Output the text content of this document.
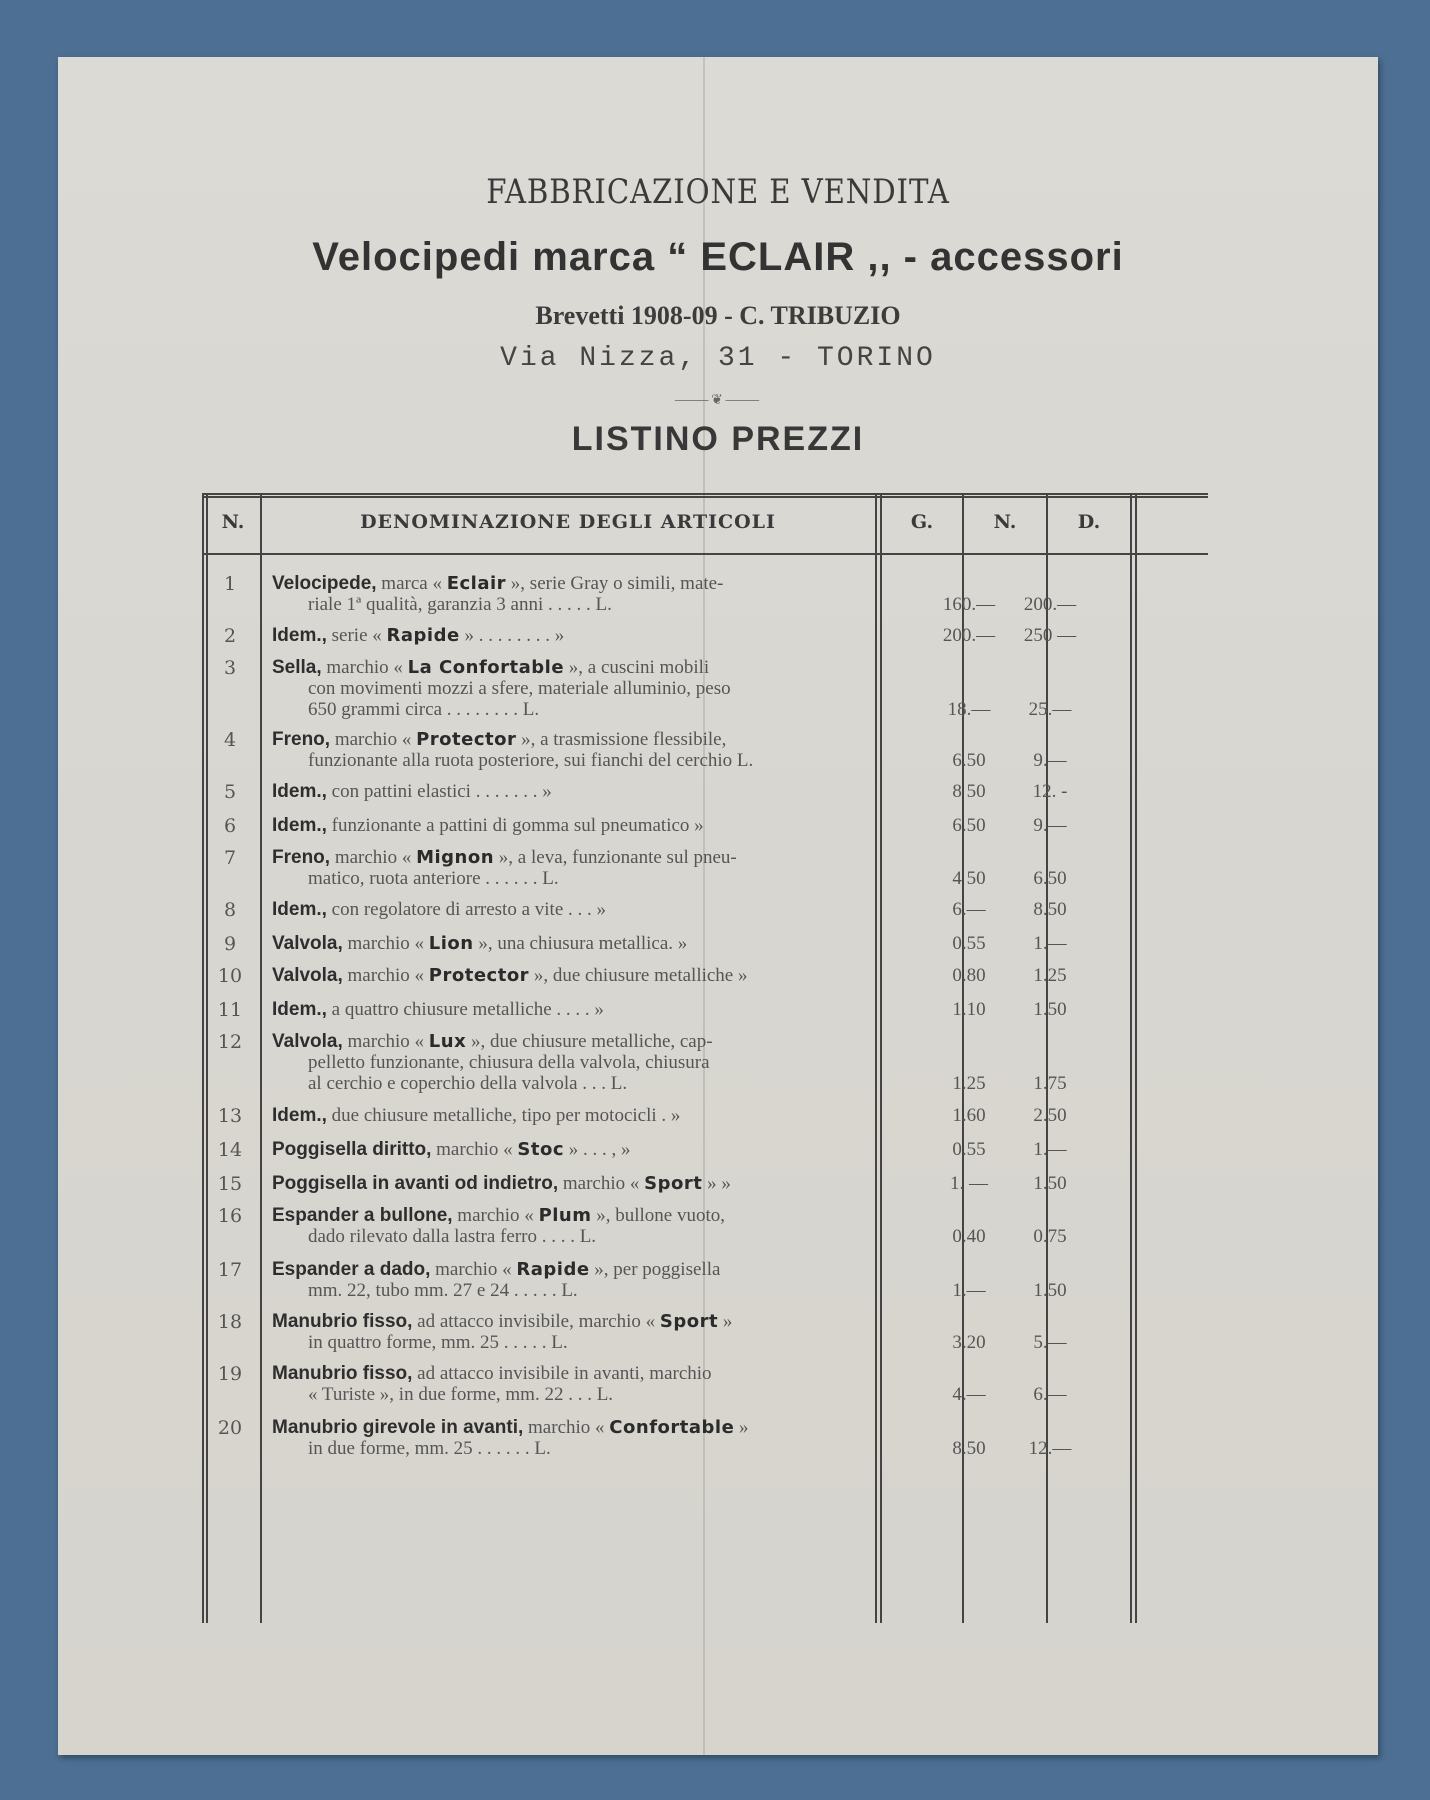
FABBRICAZIONE E VENDITA
Velocipedi marca “ ECLAIR ,, - accessori
Brevetti 1908-09 - C. TRIBUZIO
Via Nizza, 31 - TORINO
⸻❦⸻
LISTINO PREZZI
N.	DENOMINAZIONE DEGLI ARTICOLI	G.	N.	D.
1	Velocipede, marca « Eclair », serie Gray o simili, mate-
riale 1ª qualità, garanzia 3 anni . . . . . L.	160.—	200.—
2	Idem., serie « Rapide » . . . . . . . . »	200.—	250 —
3	Sella, marchio « La Confortable », a cuscini mobili
con movimenti mozzi a sfere, materiale alluminio, peso
650 grammi circa . . . . . . . . L.	18.—	25.—
4	Freno, marchio « Protector », a trasmissione flessibile,
funzionante alla ruota posteriore, sui fianchi del cerchio L.	6.50	9.—
5	Idem., con pattini elastici . . . . . . . »	8 50	12. -
6	Idem., funzionante a pattini di gomma sul pneumatico »	6.50	9.—
7	Freno, marchio « Mignon », a leva, funzionante sul pneu-
matico, ruota anteriore . . . . . . L.	4 50	6.50
8	Idem., con regolatore di arresto a vite . . . »	6.—	8.50
9	Valvola, marchio « Lion », una chiusura metallica. »	0.55	1.—
10	Valvola, marchio « Protector », due chiusure metalliche »	0.80	1.25
11	Idem., a quattro chiusure metalliche . . . . »	1.10	1.50
12	Valvola, marchio « Lux », due chiusure metalliche, cap-
pelletto funzionante, chiusura della valvola, chiusura
al cerchio e coperchio della valvola . . . L.	1.25	1.75
13	Idem., due chiusure metalliche, tipo per motocicli . »	1.60	2.50
14	Poggisella diritto, marchio « Stoc » . . . , »	0.55	1.—
15	Poggisella in avanti od indietro, marchio « Sport » »	1. —	1.50
16	Espander a bullone, marchio « Plum », bullone vuoto,
dado rilevato dalla lastra ferro . . . . L.	0.40	0.75
17	Espander a dado, marchio « Rapide », per poggisella
mm. 22, tubo mm. 27 e 24 . . . . . L.	1.—	1.50
18	Manubrio fisso, ad attacco invisibile, marchio « Sport »
in quattro forme, mm. 25 . . . . . L.	3.20	5.—
19	Manubrio fisso, ad attacco invisibile in avanti, marchio
« Turiste », in due forme, mm. 22 . . . L.	4.—	6.—
20	Manubrio girevole in avanti, marchio « Confortable »
in due forme, mm. 25 . . . . . . L.	8.50	12.—
